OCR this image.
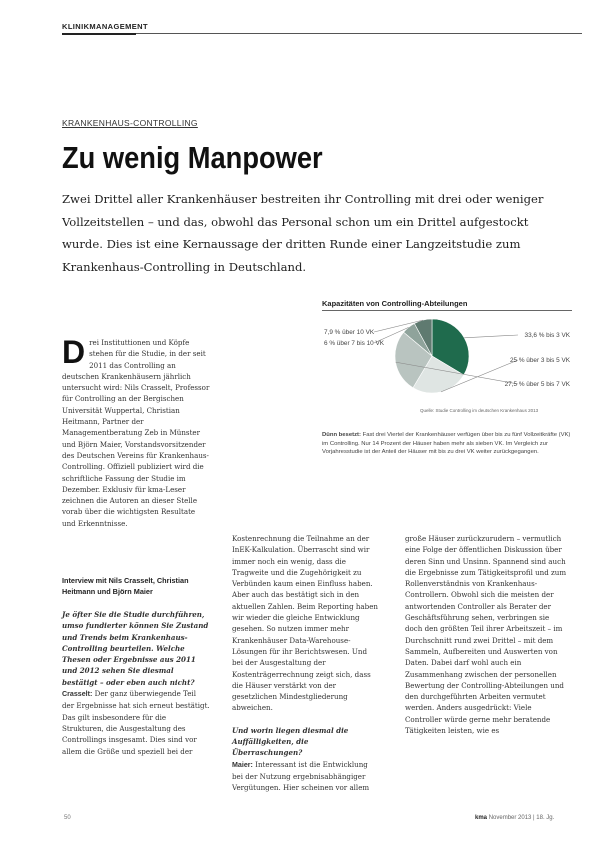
KLINIKMANAGEMENT
KRANKENHAUS-CONTROLLING
Zu wenig Manpower
Zwei Drittel aller Krankenhäuser bestreiten ihr Controlling mit drei oder weniger Vollzeitstellen – und das, obwohl das Personal schon um ein Drittel aufgestockt wurde. Dies ist eine Kernaussage der dritten Runde einer Langzeitstudie zum Krankenhaus-Controlling in Deutschland.
Kapazitäten von Controlling-Abteilungen
33,6 % bis 3 VK
25 % über 3 bis 5 VK
27,5 % über 5 bis 7 VK
6 % über 7 bis 10 VK
7,9 % über 10 VK
Quelle: Studie Controlling im deutschen Krankenhaus 2013
Dünn besetzt: Fast drei Viertel der Krankenhäuser verfügen über bis zu fünf Vollzeitkräfte (VK) im Controlling. Nur 14 Prozent der Häuser haben mehr als sieben VK. Im Vergleich zur Vorjahresstudie ist der Anteil der Häuser mit bis zu drei VK weiter zurückgegangen.
Drei Instituttionen und Köpfe stehen für die Studie, in der seit 2011 das Controlling an deutschen Krankenhäusern jährlich untersucht wird: Nils Crasselt, Professor für Controlling an der Bergischen Universität Wuppertal, Christian Heitmann, Partner der Managementberatung Zeb in Münster und Björn Maier, Vorstandsvorsitzender des Deutschen Vereins für Krankenhaus-Controlling. Offiziell publiziert wird die schriftliche Fassung der Studie im Dezember. Exklusiv für kma-Leser zeichnen die Autoren an dieser Stelle vorab über die wichtigsten Resultate und Erkenntnisse.
Interview mit Nils Crasselt, Christian Heitmann und Björn Maier
Je öfter Sie die Studie durchführen, umso fundierter können Sie Zustand und Trends beim Krankenhaus-Controlling beurteilen. Welche Thesen oder Ergebnisse aus 2011 und 2012 sehen Sie diesmal bestätigt – oder eben auch nicht?
Crasselt: Der ganz überwiegende Teil der Ergebnisse hat sich erneut bestätigt. Das gilt insbesondere für die Strukturen, die Ausgestaltung des Controllings insgesamt. Dies sind vor allem die Größe und speziell bei der
Kostenrechnung die Teilnahme an der InEK-Kalkulation. Überrascht sind wir immer noch ein wenig, dass die Tragweite und die Zugehörigkeit zu Verbünden kaum einen Einfluss haben. Aber auch das bestätigt sich in den aktuellen Zahlen. Beim Reporting haben wir wieder die gleiche Entwicklung gesehen. So nutzen immer mehr Krankenhäuser Data-Warehouse-Lösungen für ihr Berichtswesen. Und bei der Ausgestaltung der Kostenträgerrechnung zeigt sich, dass die Häuser verstärkt von der gesetzlichen Mindestgliederung abweichen.
Und worin liegen diesmal die Auffälligkeiten, die Überraschungen?
Maier: Interessant ist die Entwicklung bei der Nutzung ergebnisabhängiger Vergütungen. Hier scheinen vor allem
große Häuser zurückzurudern – vermutlich eine Folge der öffentlichen Diskussion über deren Sinn und Unsinn. Spannend sind auch die Ergebnisse zum Tätigkeitsprofil und zum Rollenverständnis von Krankenhaus-Controllern. Obwohl sich die meisten der antwortenden Controller als Berater der Geschäftsführung sehen, verbringen sie doch den größten Teil ihrer Arbeitszeit – im Durchschnitt rund zwei Drittel – mit dem Sammeln, Aufbereiten und Auswerten von Daten. Dabei darf wohl auch ein Zusammenhang zwischen der personellen Bewertung der Controlling-Abteilungen und den durchgeführten Arbeiten vermutet werden. Anders ausgedrückt: Viele Controller würde gerne mehr beratende Tätigkeiten leisten, wie es
50	kma November 2013 | 18. Jg.
